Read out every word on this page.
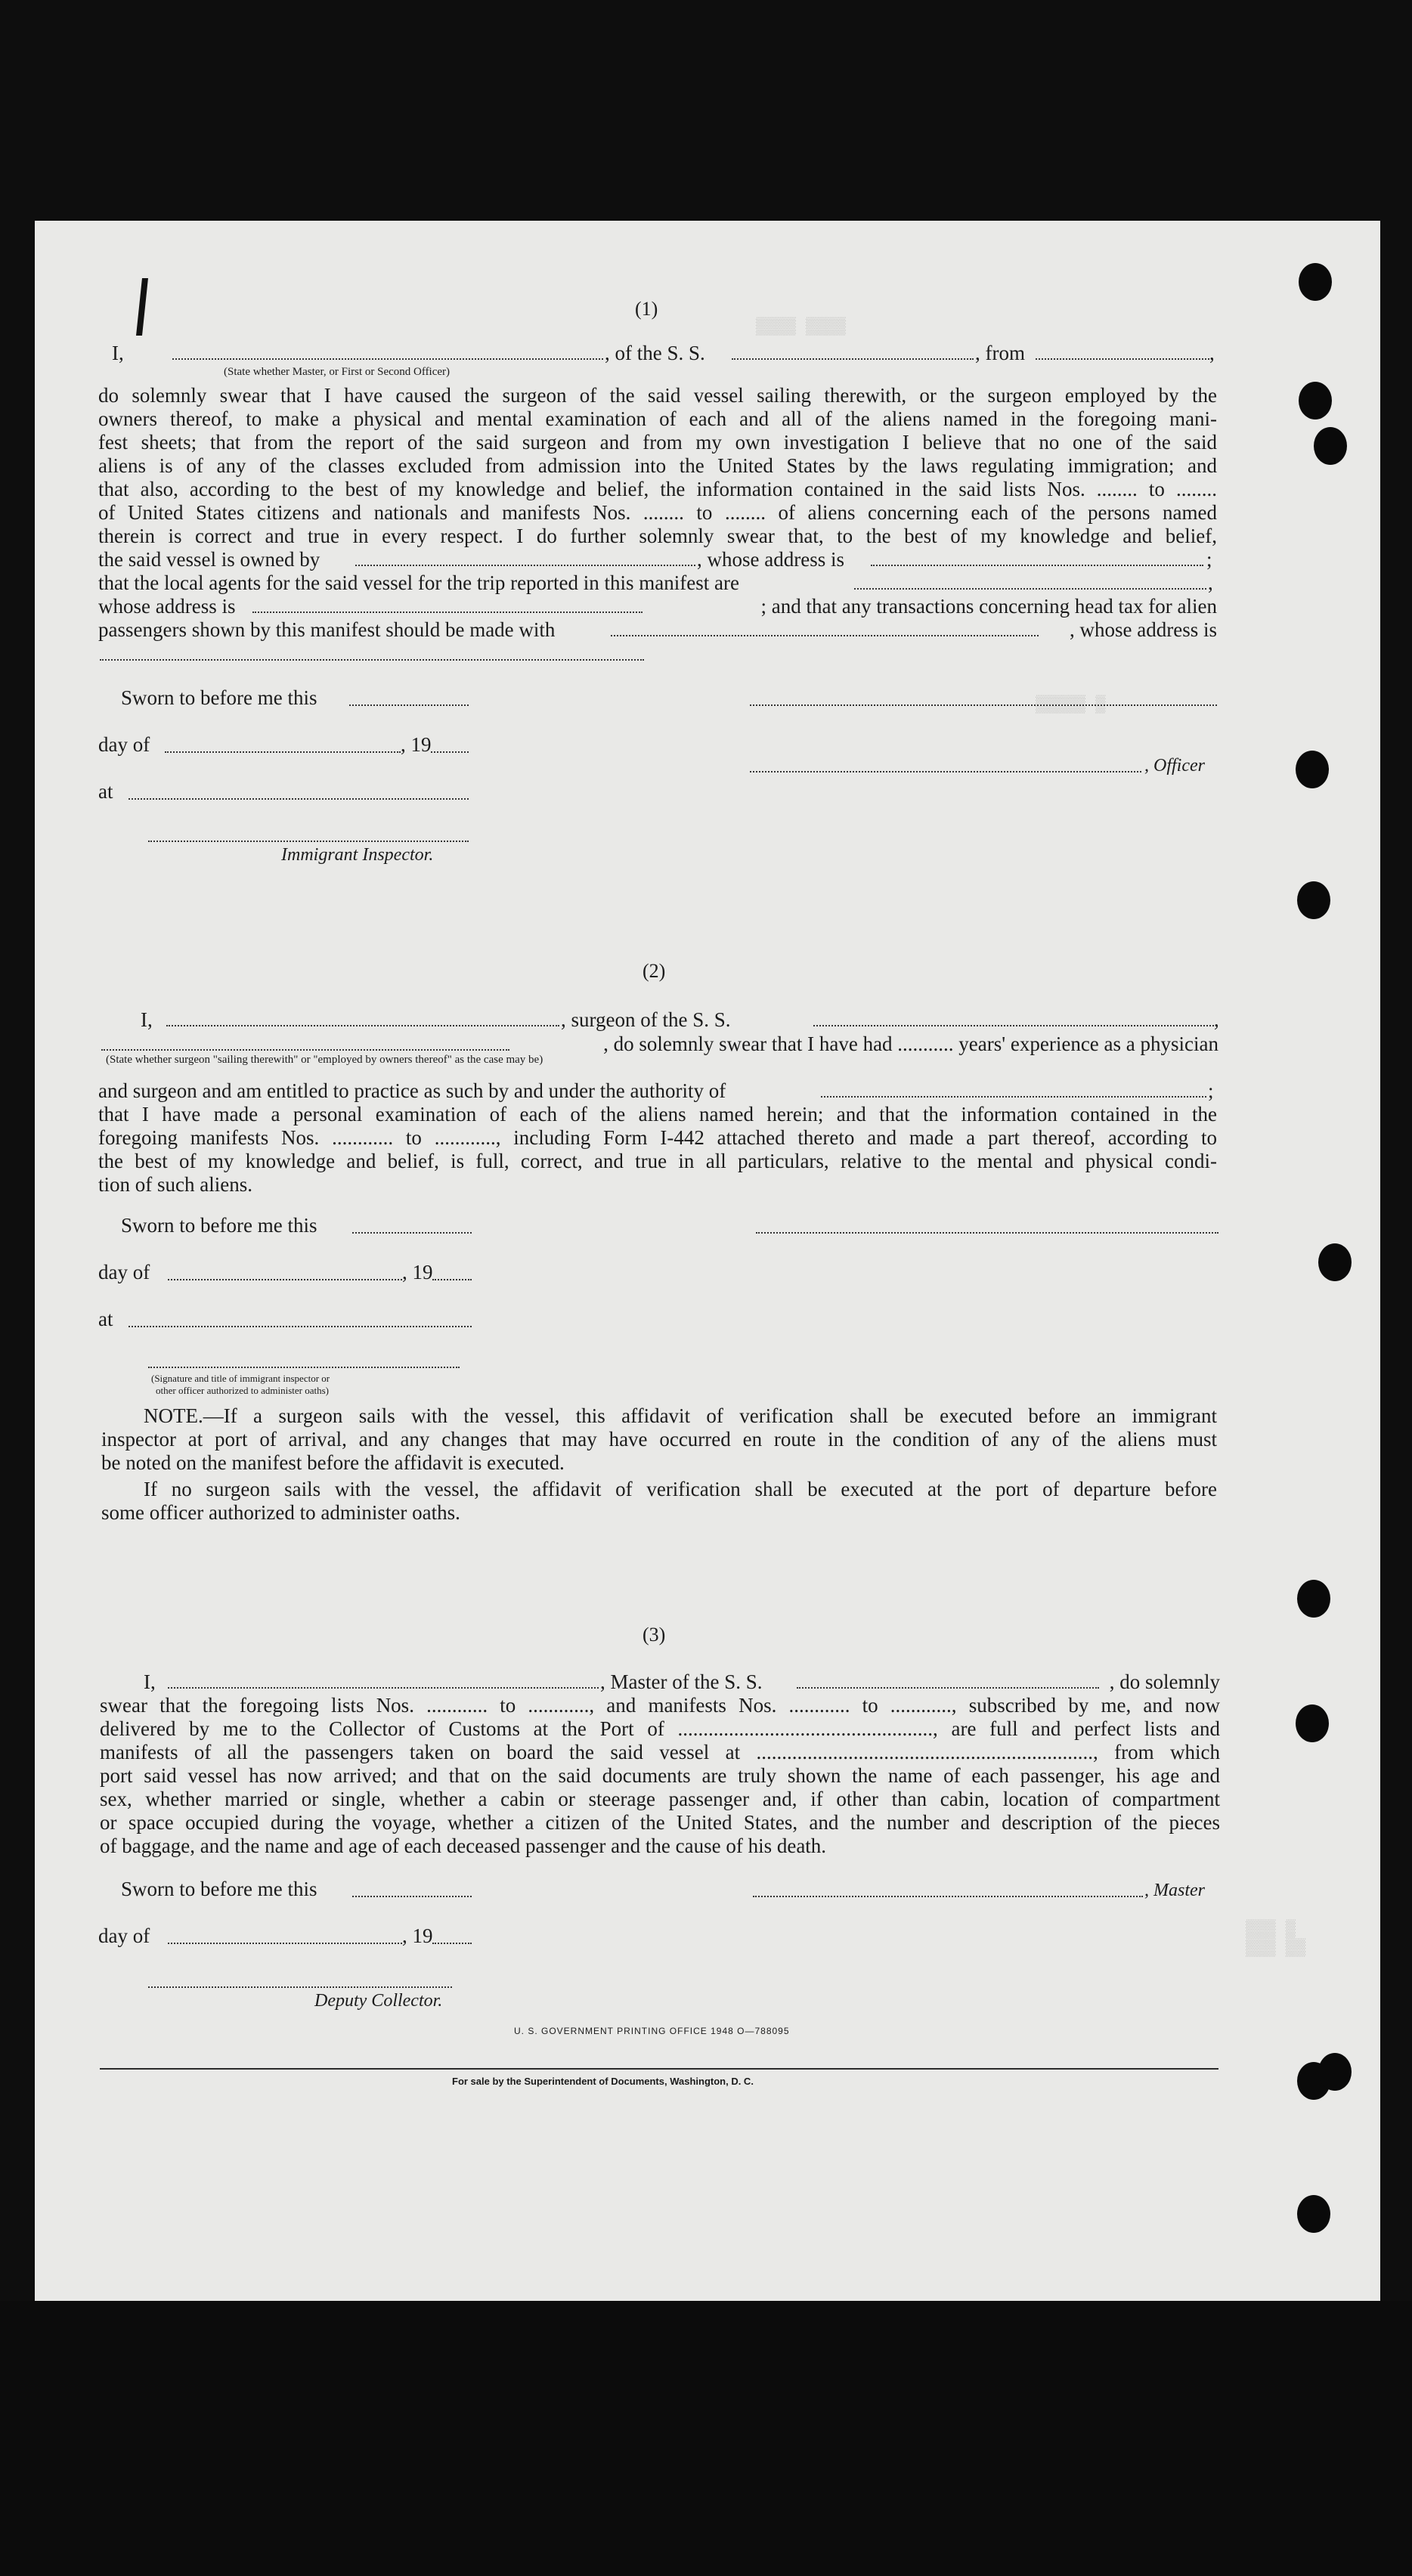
▒▒▒▒ ▒▒▒▒
▒▒▒▒▒ ▒
▒▒▒ ▒
▒▒▒ ▒▒
(1)
I,	, of the S. S.	, from	,
(State whether Master, or First or Second Officer)
do solemnly swear that I have caused the surgeon of the said vessel sailing therewith, or the surgeon employed by the
owners thereof, to make a physical and mental examination of each and all of the aliens named in the foregoing mani-
fest sheets; that from the report of the said surgeon and from my own investigation I believe that no one of the said
aliens is of any of the classes excluded from admission into the United States by the laws regulating immigration; and
that also, according to the best of my knowledge and belief, the information contained in the said lists Nos. ........ to ........
of United States citizens and nationals and manifests Nos. ........ to ........ of aliens concerning each of the persons named
therein is correct and true in every respect. I do further solemnly swear that, to the best of my knowledge and belief,
the said vessel is owned by	, whose address is	;
that the local agents for the said vessel for the trip reported in this manifest are	,
whose address is	; and that any transactions concerning head tax for alien
passengers shown by this manifest should be made with	, whose address is
Sworn to before me this
day of	, 19
, Officer
at
Immigrant Inspector.
(2)
I,	, surgeon of the S. S.	,
, do solemnly swear that I have had ........... years' experience as a physician
(State whether surgeon "sailing therewith" or "employed by owners thereof" as the case may be)
and surgeon and am entitled to practice as such by and under the authority of	;
that I have made a personal examination of each of the aliens named herein; and that the information contained in the
foregoing manifests Nos. ............ to ............, including Form I-442 attached thereto and made a part thereof, according to
the best of my knowledge and belief, is full, correct, and true in all particulars, relative to the mental and physical condi-
tion of such aliens.
Sworn to before me this
day of	, 19
at
(Signature and title of immigrant inspector or
other officer authorized to administer oaths)
NOTE.—If a surgeon sails with the vessel, this affidavit of verification shall be executed before an immigrant
inspector at port of arrival, and any changes that may have occurred en route in the condition of any of the aliens must
be noted on the manifest before the affidavit is executed.
If no surgeon sails with the vessel, the affidavit of verification shall be executed at the port of departure before
some officer authorized to administer oaths.
(3)
I,	, Master of the S. S.	, do solemnly
swear that the foregoing lists Nos. ............ to ............, and manifests Nos. ............ to ............, subscribed by me, and now
delivered by me to the Collector of Customs at the Port of .................................................., are full and perfect lists and
manifests of all the passengers taken on board the said vessel at .................................................................., from which
port said vessel has now arrived; and that on the said documents are truly shown the name of each passenger, his age and
sex, whether married or single, whether a cabin or steerage passenger and, if other than cabin, location of compartment
or space occupied during the voyage, whether a citizen of the United States, and the number and description of the pieces
of baggage, and the name and age of each deceased passenger and the cause of his death.
Sworn to before me this	, Master
day of	, 19
Deputy Collector.
U. S. GOVERNMENT PRINTING OFFICE 1948 O—788095
For sale by the Superintendent of Documents, Washington, D. C.
